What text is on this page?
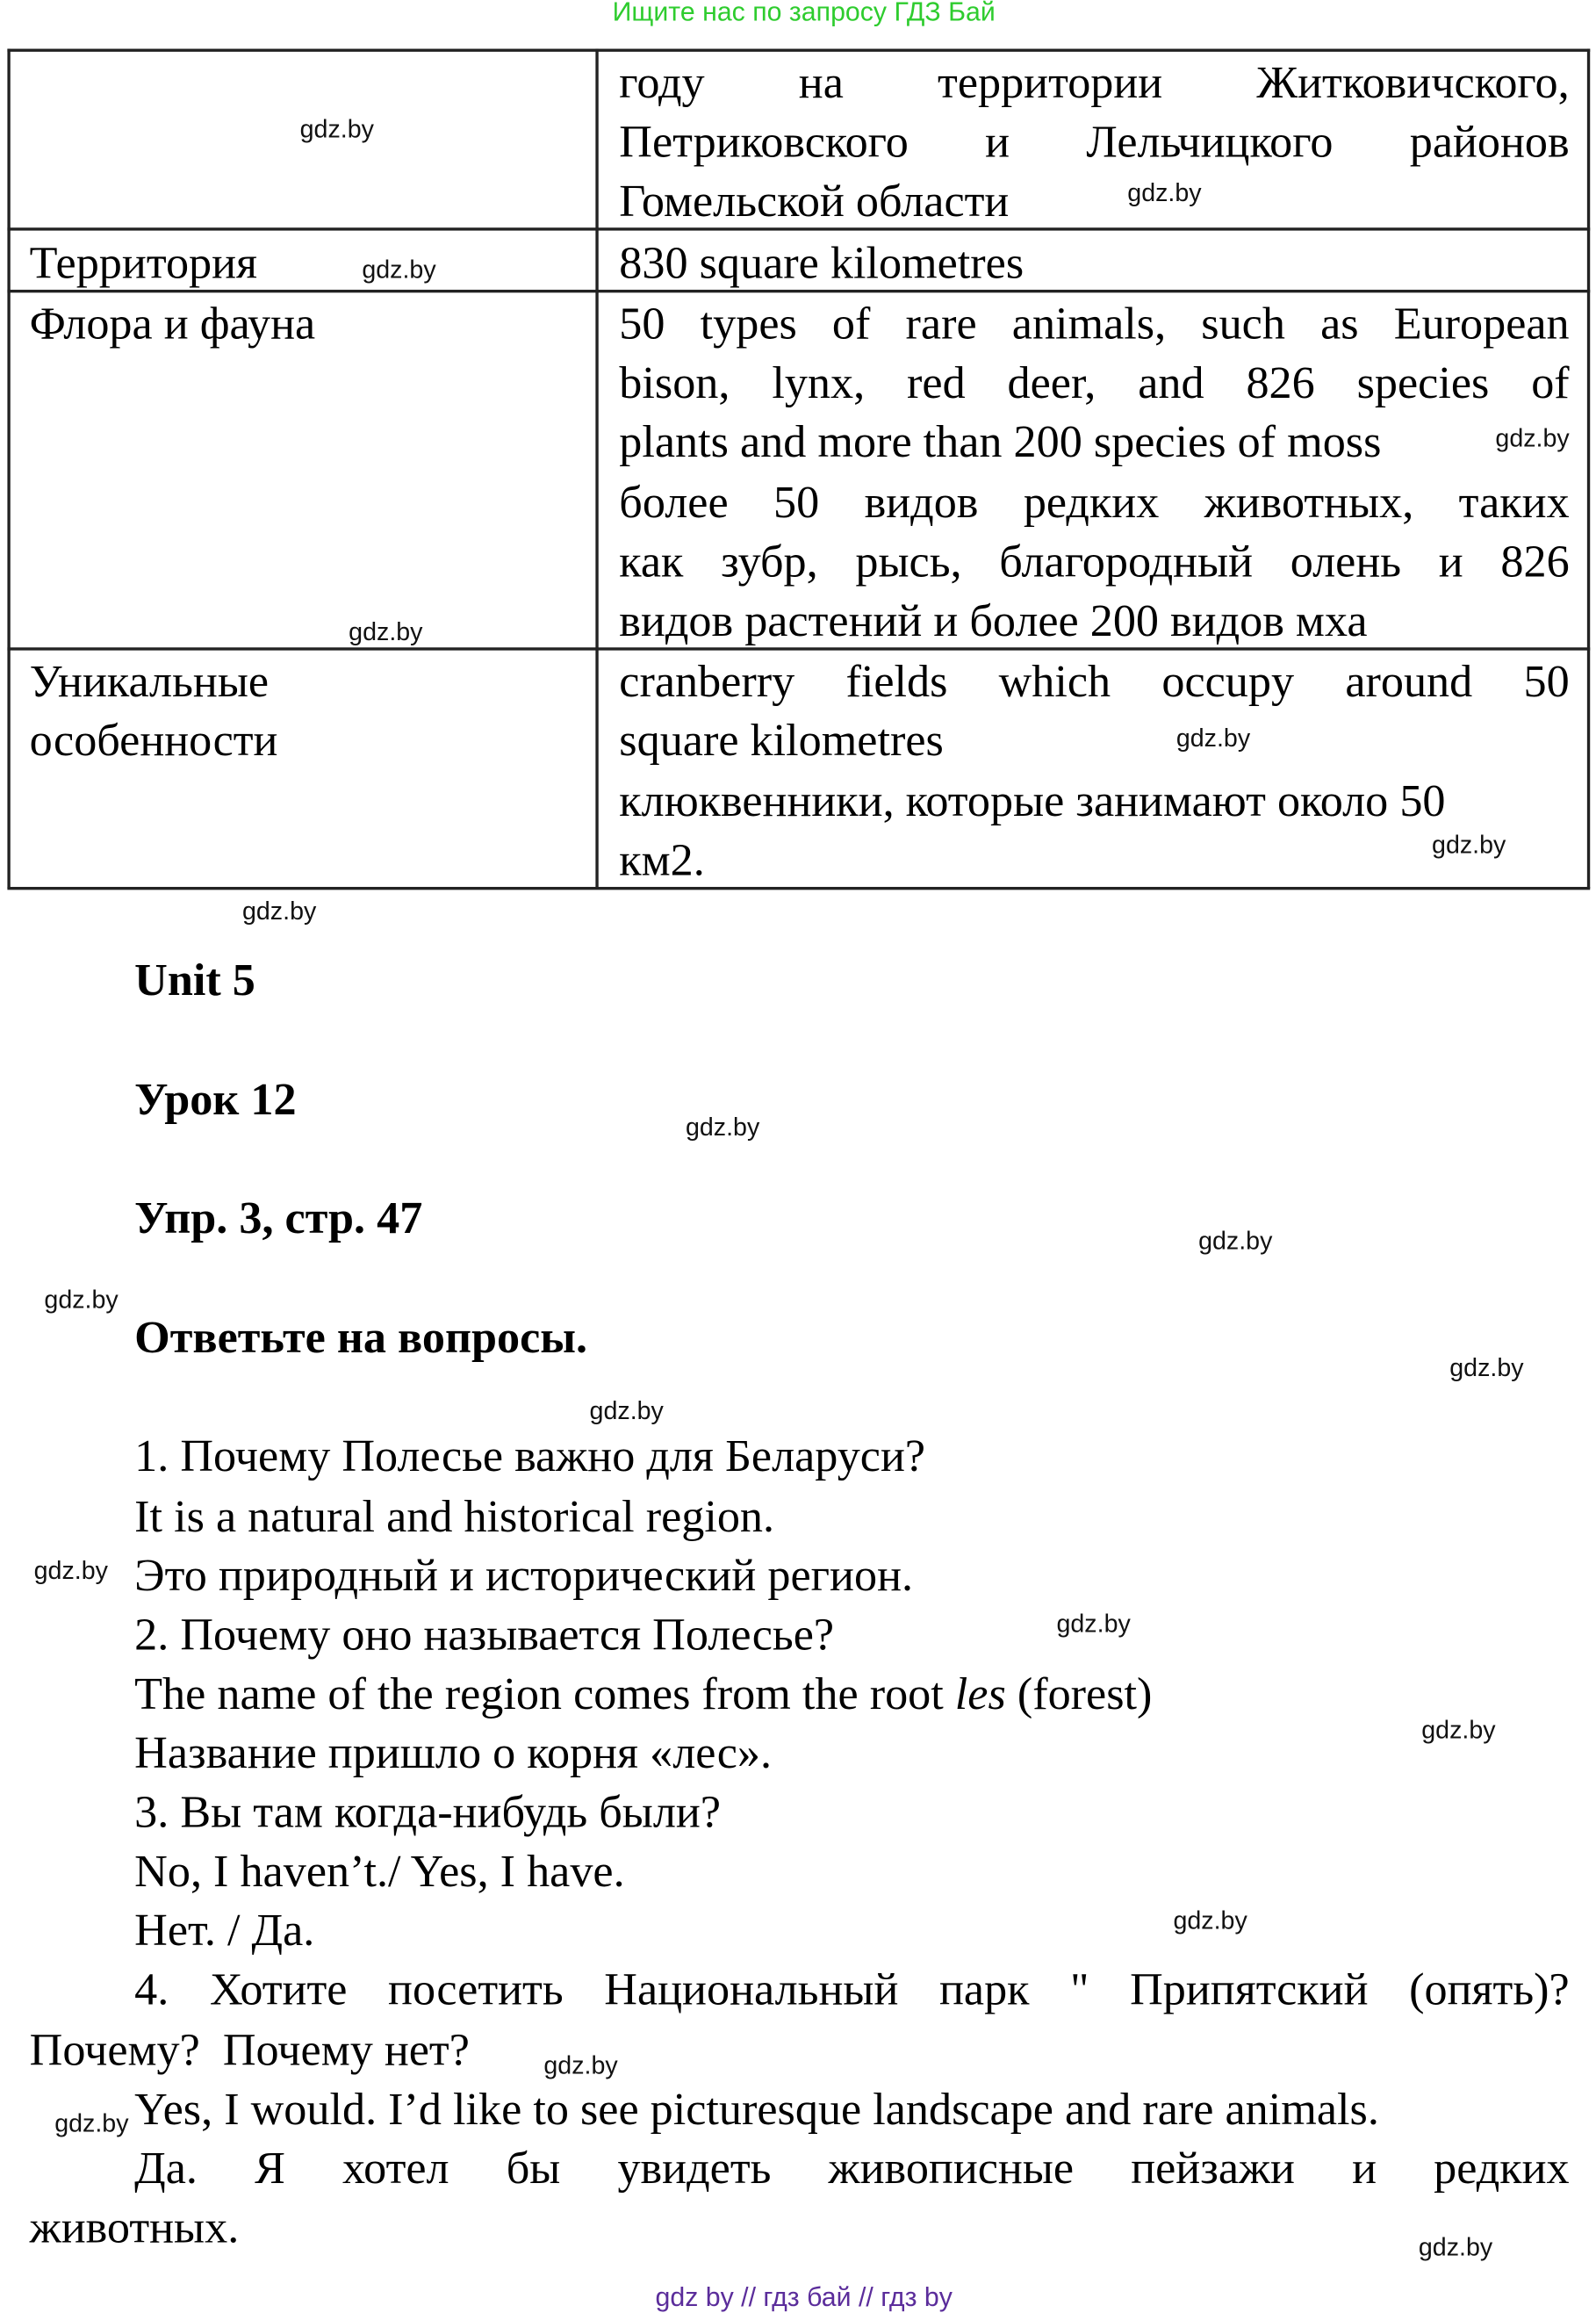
Ищите нас по запросу ГДЗ Бай
году на территории Житковичского,
Петриковского и Лельчицкого районов
Гомельской области
Территория	830 square kilometres
Флора и фауна	50 types of rare animals, such as European
bison, lynx, red deer, and 826 species of
plants and more than 200 species of moss
более 50 видов редких животных, таких
как зубр, рысь, благородный олень и 826
видов растений и более 200 видов мха
Уникальные
особенности
cranberry fields which occupy around 50
square kilometres
клюквенники, которые занимают около 50
км2.
Unit 5
Урок 12
Упр. 3, стр. 47
Ответьте на вопросы.
1. Почему Полесье важно для Беларуси?
It is a natural and historical region.
Это природный и исторический регион.
2. Почему оно называется Полесье?
The name of the region comes from the root les (forest)
Название пришло о корня «лес».
3. Вы там когда-нибудь были?
No, I haven’t./ Yes, I have.
Нет. / Да.
4. Хотите посетить Национальный парк " Припятский (опять)?
Почему?  Почему нет?
Yes, I would. I’d like to see picturesque landscape and rare animals.
Да. Я хотел бы увидеть живописные пейзажи и редких
животных.
gdz.by
gdz.by
gdz.by
gdz.by
gdz.by
gdz.by
gdz.by
gdz.by
gdz.by
gdz.by
gdz.by
gdz.by
gdz.by
gdz.by
gdz.by
gdz.by
gdz.by
gdz.by
gdz.by
gdz.by
gdz by // гдз бай // гдз by
